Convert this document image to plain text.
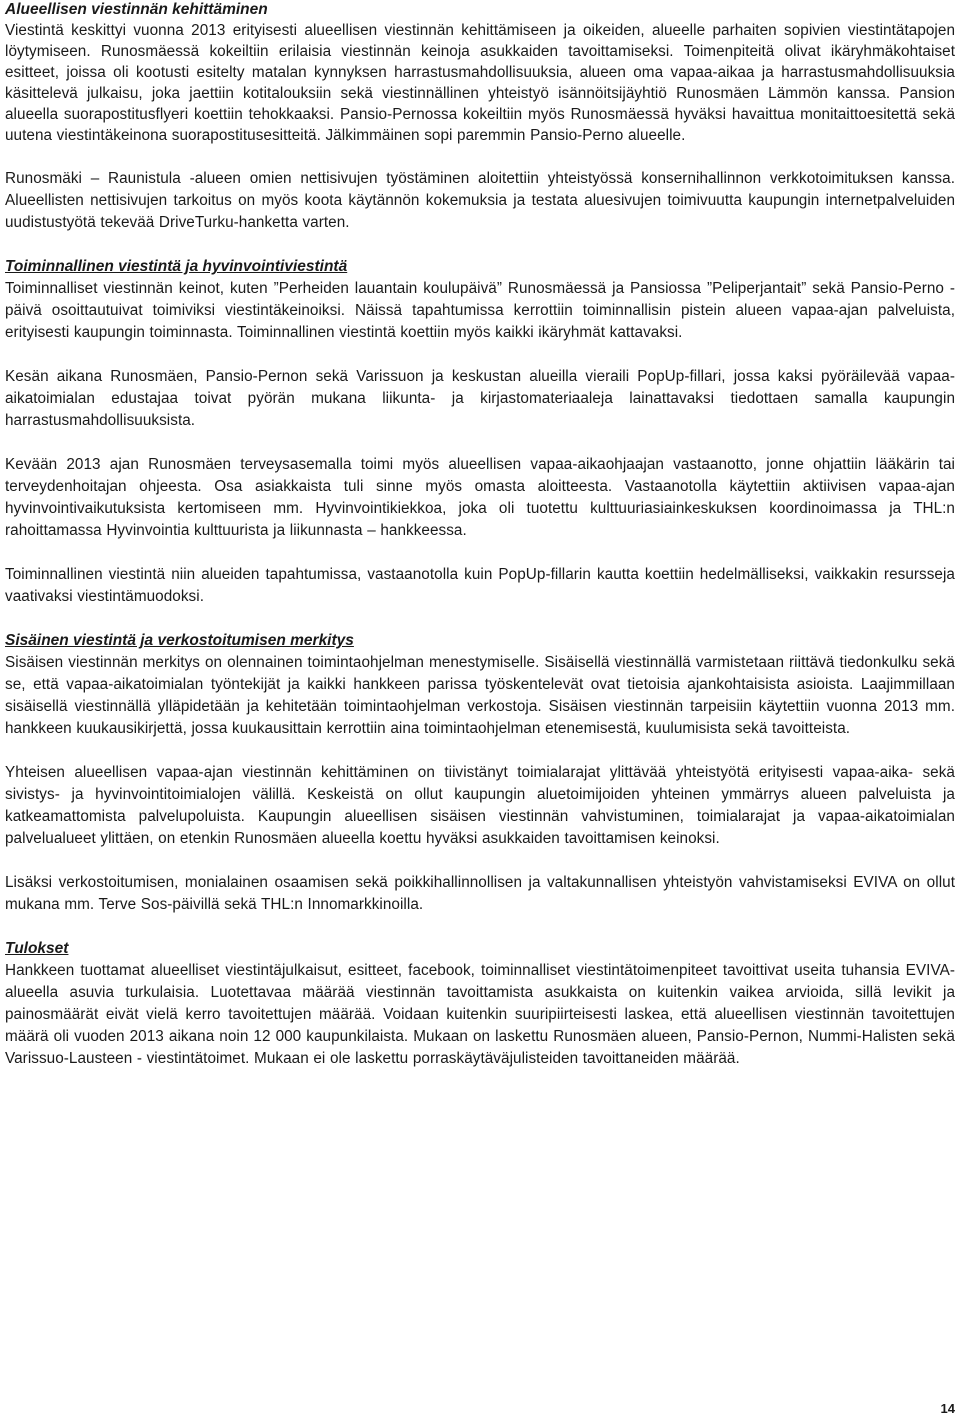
Alueellisen viestinnän kehittäminen

Viestintä keskittyi vuonna 2013 erityisesti alueellisen viestinnän kehittämiseen ja oikeiden, alueelle parhaiten sopivien viestintätapojen löytymiseen. Runosmäessä kokeiltiin erilaisia viestinnän keinoja asukkaiden tavoittamiseksi. Toimenpiteitä olivat ikäryhmäkohtaiset esitteet, joissa oli kootusti esitelty matalan kynnyksen harrastusmahdollisuuksia, alueen oma vapaa-aikaa ja harrastusmahdollisuuksia käsittelevä julkaisu, joka jaettiin kotitalouksiin sekä viestinnällinen yhteistyö isännöitsijäyhtiö Runosmäen Lämmön kanssa. Pansion alueella suorapostitusflyeri koettiin tehokkaaksi. Pansio-Pernossa kokeiltiin myös Runosmäessä hyväksi havaittua monitaittoesitettä sekä uutena viestintäkeinona suorapostitusesitteitä. Jälkimmäinen sopi paremmin Pansio-Perno alueelle.

Runosmäki – Raunistula -alueen omien nettisivujen työstäminen aloitettiin yhteistyössä konsernihallinnon verkkotoimituksen kanssa. Alueellisten nettisivujen tarkoitus on myös koota käytännön kokemuksia ja testata aluesivujen toimivuutta kaupungin internetpalveluiden uudistustyötä tekevää DriveTurku-hanketta varten.

Toiminnallinen viestintä ja hyvinvointiviestintä

Toiminnalliset viestinnän keinot, kuten ”Perheiden lauantain koulupäivä” Runosmäessä ja Pansiossa ”Peliperjantait” sekä Pansio-Perno -päivä osoittautuivat toimiviksi viestintäkeinoiksi. Näissä tapahtumissa kerrottiin toiminnallisin pistein alueen vapaa-ajan palveluista, erityisesti kaupungin toiminnasta. Toiminnallinen viestintä koettiin myös kaikki ikäryhmät kattavaksi.

Kesän aikana Runosmäen, Pansio-Pernon sekä Varissuon ja keskustan alueilla vieraili PopUp-fillari, jossa kaksi pyöräilevää vapaa-aikatoimialan edustajaa toivat pyörän mukana liikunta- ja kirjastomateriaaleja lainattavaksi tiedottaen samalla kaupungin harrastusmahdollisuuksista.

Kevään 2013 ajan Runosmäen terveysasemalla toimi myös alueellisen vapaa-aikaohjaajan vastaanotto, jonne ohjattiin lääkärin tai terveydenhoitajan ohjeesta. Osa asiakkaista tuli sinne myös omasta aloitteesta. Vastaanotolla käytettiin aktiivisen vapaa-ajan hyvinvointivaikutuksista kertomiseen mm. Hyvinvointikiekkoa, joka oli tuotettu kulttuuriasiainkeskuksen koordinoimassa ja THL:n rahoittamassa Hyvinvointia kulttuurista ja liikunnasta – hankkeessa.

Toiminnallinen viestintä niin alueiden tapahtumissa, vastaanotolla kuin PopUp-fillarin kautta koettiin hedelmälliseksi, vaikkakin resursseja vaativaksi viestintämuodoksi.

Sisäinen viestintä ja verkostoitumisen merkitys

Sisäisen viestinnän merkitys on olennainen toimintaohjelman menestymiselle. Sisäisellä viestinnällä varmistetaan riittävä tiedonkulku sekä se, että vapaa-aikatoimialan työntekijät ja kaikki hankkeen parissa työskentelevät ovat tietoisia ajankohtaisista asioista. Laajimmillaan sisäisellä viestinnällä ylläpidetään ja kehitetään toimintaohjelman verkostoja. Sisäisen viestinnän tarpeisiin käytettiin vuonna 2013 mm. hankkeen kuukausikirjettä, jossa kuukausittain kerrottiin aina toimintaohjelman etenemisestä, kuulumisista sekä tavoitteista.

Yhteisen alueellisen vapaa-ajan viestinnän kehittäminen on tiivistänyt toimialarajat ylittävää yhteistyötä erityisesti vapaa-aika- sekä sivistys- ja hyvinvointitoimialojen välillä. Keskeistä on ollut kaupungin aluetoimijoiden yhteinen ymmärrys alueen palveluista ja katkeamattomista palvelupoluista. Kaupungin alueellisen sisäisen viestinnän vahvistuminen, toimialarajat ja vapaa-aikatoimialan palvelualueet ylittäen, on etenkin Runosmäen alueella koettu hyväksi asukkaiden tavoittamisen keinoksi.

Lisäksi verkostoitumisen, monialainen osaamisen sekä poikkihallinnollisen ja valtakunnallisen yhteistyön vahvistamiseksi EVIVA on ollut mukana mm. Terve Sos-päivillä sekä THL:n Innomarkkinoilla.

Tulokset

Hankkeen tuottamat alueelliset viestintäjulkaisut, esitteet, facebook, toiminnalliset viestintätoimenpiteet tavoittivat useita tuhansia EVIVA-alueella asuvia turkulaisia. Luotettavaa määrää viestinnän tavoittamista asukkaista on kuitenkin vaikea arvioida, sillä levikit ja painosmäärät eivät vielä kerro tavoitettujen määrää. Voidaan kuitenkin suuripiirteisesti laskea, että alueellisen viestinnän tavoitettujen määrä oli vuoden 2013 aikana noin 12 000 kaupunkilaista. Mukaan on laskettu Runosmäen alueen, Pansio-Pernon, Nummi-Halisten sekä Varissuo-Lausteen - viestintätoimet. Mukaan ei ole laskettu porraskäytäväjulisteiden tavoittaneiden määrää.

14
